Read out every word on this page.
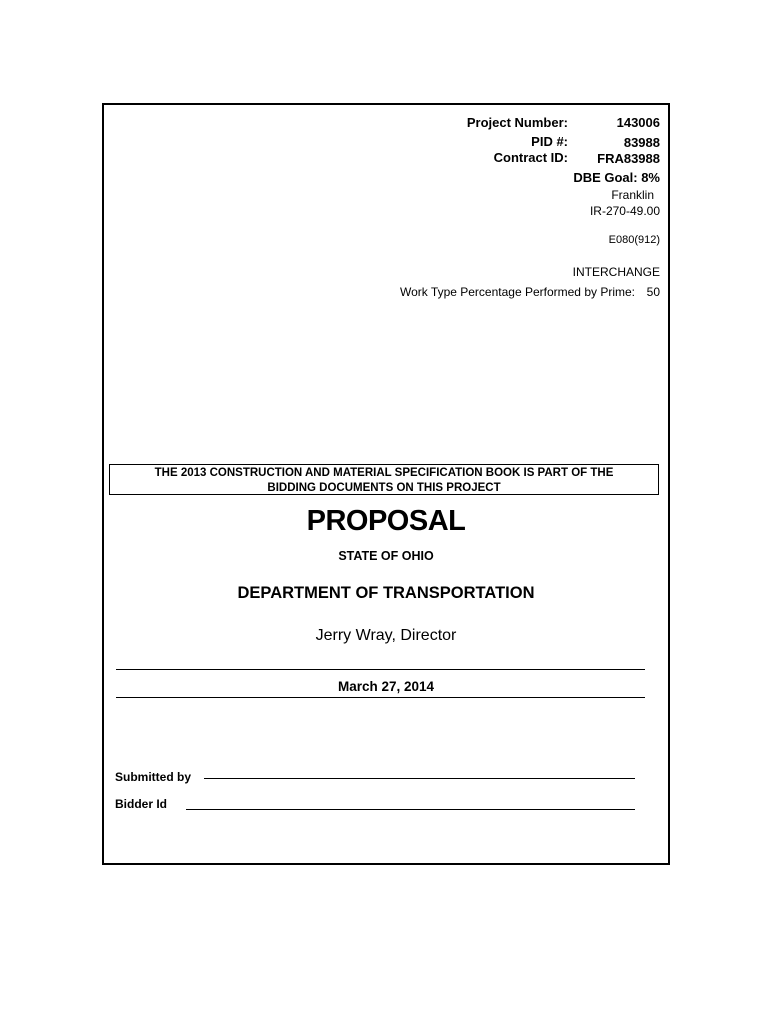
Project Number:	143006
PID #:	83988
Contract ID:	FRA83988
DBE Goal: 8%
Franklin
IR-270-49.00
E080(912)
INTERCHANGE
Work Type Percentage Performed by Prime: 50
THE 2013 CONSTRUCTION AND MATERIAL SPECIFICATION BOOK IS PART OF THE
BIDDING DOCUMENTS ON THIS PROJECT
PROPOSAL
STATE OF OHIO
DEPARTMENT OF TRANSPORTATION
Jerry Wray, Director
March 27, 2014
Submitted by
Bidder Id
